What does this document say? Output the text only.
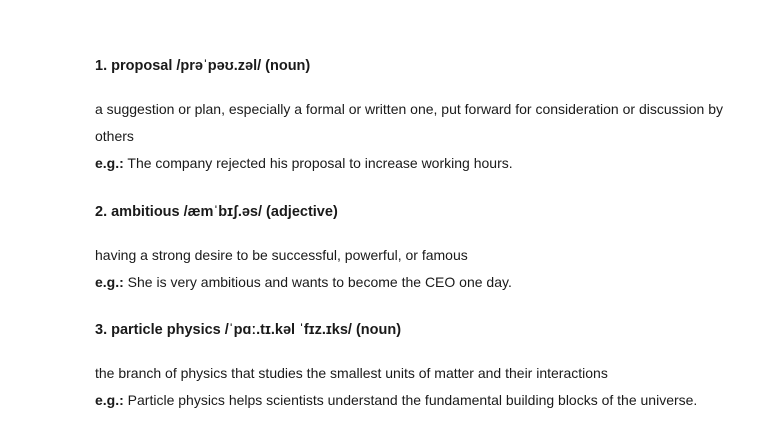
1. proposal /prəˈpəʊ.zəl/ (noun)

a suggestion or plan, especially a formal or written one, put forward for consideration or discussion by others

e.g.: The company rejected his proposal to increase working hours.

2. ambitious /æmˈbɪʃ.əs/ (adjective)

having a strong desire to be successful, powerful, or famous

e.g.: She is very ambitious and wants to become the CEO one day.

3. particle physics /ˈpɑː.tɪ.kəl ˈfɪz.ɪks/ (noun)

the branch of physics that studies the smallest units of matter and their interactions

e.g.: Particle physics helps scientists understand the fundamental building blocks of the universe.
